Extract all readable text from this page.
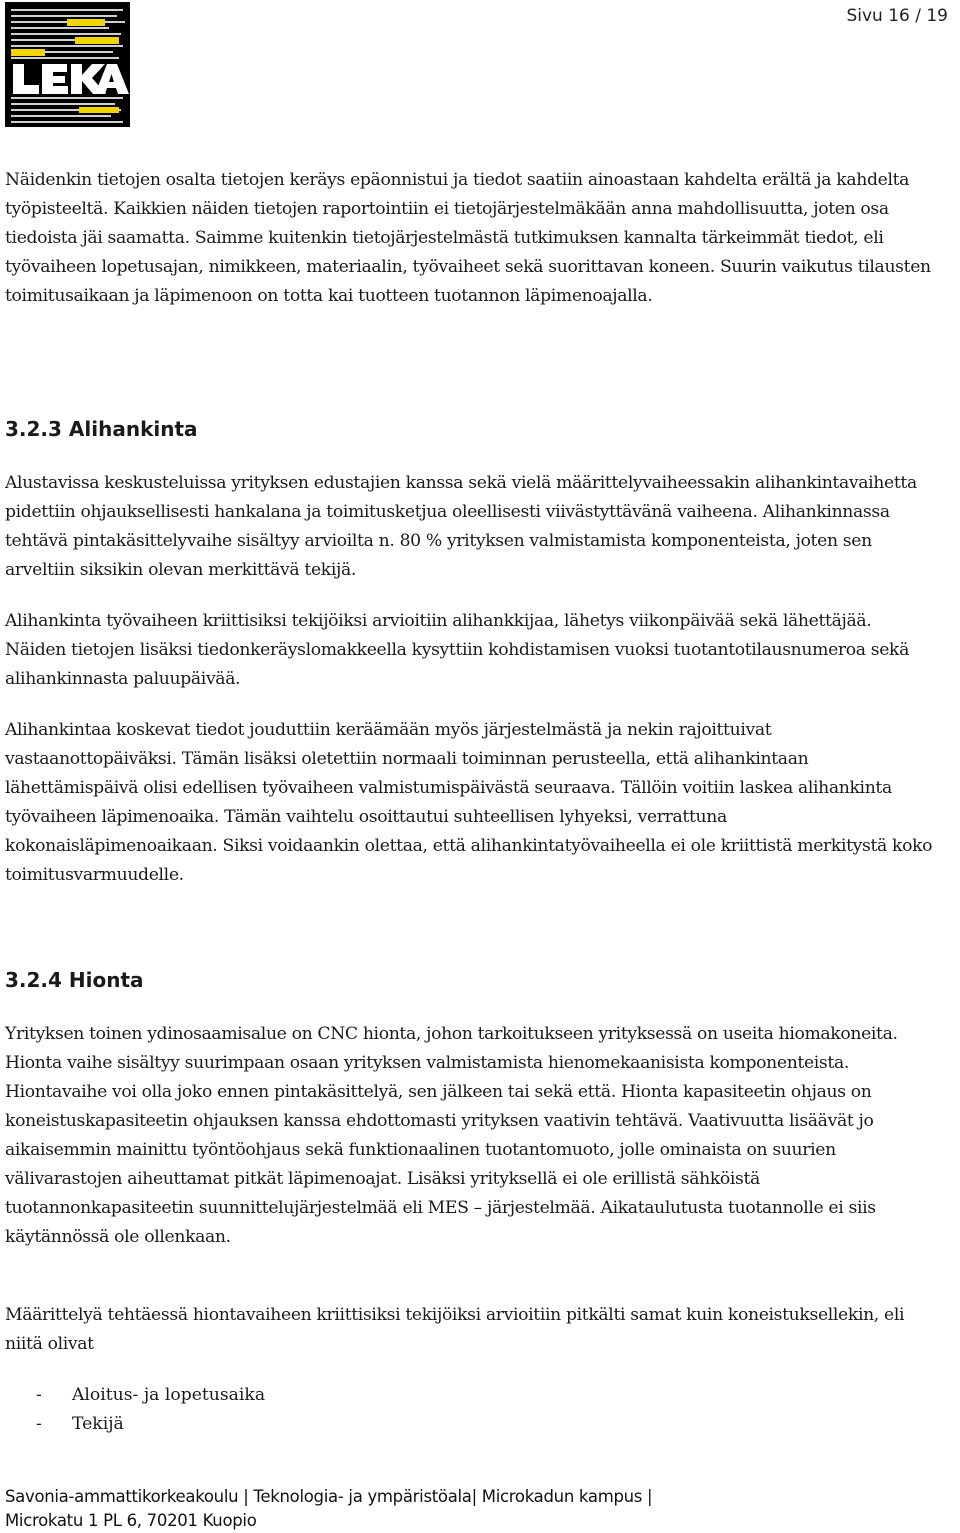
Sivu 16 / 19

Näidenkin tietojen osalta tietojen keräys epäonnistui ja tiedot saatiin ainoastaan kahdelta erältä ja kahdelta työpisteeltä. Kaikkien näiden tietojen raportointiin ei tietojärjestelmäkään anna mahdollisuutta, joten osa tiedoista jäi saamatta. Saimme kuitenkin tietojärjestelmästä tutkimuksen kannalta tärkeimmät tiedot, eli työvaiheen lopetusajan, nimikkeen, materiaalin, työvaiheet sekä suorittavan koneen. Suurin vaikutus tilausten toimitusaikaan ja läpimenoon on totta kai tuotteen tuotannon läpimenoajalla.

3.2.3 Alihankinta

Alustavissa keskusteluissa yrityksen edustajien kanssa sekä vielä määrittelyvaiheessakin alihankintavaihetta pidettiin ohjauksellisesti hankalana ja toimitusketjua oleellisesti viivästyttävänä vaiheena. Alihankinnassa tehtävä pintakäsittelyvaihe sisältyy arvioilta n. 80 % yrityksen valmistamista komponenteista, joten sen arveltiin siksikin olevan merkittävä tekijä.

Alihankinta työvaiheen kriittisiksi tekijöiksi arvioitiin alihankkijaa, lähetys viikonpäivää sekä lähettäjää. Näiden tietojen lisäksi tiedonkeräyslomakkeella kysyttiin kohdistamisen vuoksi tuotantotilausnumeroa sekä alihankinnasta paluupäivää.

Alihankintaa koskevat tiedot jouduttiin keräämään myös järjestelmästä ja nekin rajoittuivat vastaanottopäiväksi. Tämän lisäksi oletettiin normaali toiminnan perusteella, että alihankintaan lähettämispäivä olisi edellisen työvaiheen valmistumispäivästä seuraava. Tällöin voitiin laskea alihankinta työvaiheen läpimenoaika. Tämän vaihtelu osoittautui suhteellisen lyhyeksi, verrattuna kokonaisläpimenoaikaan. Siksi voidaankin olettaa, että alihankintatyövaiheella ei ole kriittistä merkitystä koko toimitusvarmuudelle.

3.2.4 Hionta

Yrityksen toinen ydinosaamisalue on CNC hionta, johon tarkoitukseen yrityksessä on useita hiomakoneita. Hionta vaihe sisältyy suurimpaan osaan yrityksen valmistamista hienomekaanisista komponenteista. Hiontavaihe voi olla joko ennen pintakäsittelyä, sen jälkeen tai sekä että. Hionta kapasiteetin ohjaus on koneistuskapasiteetin ohjauksen kanssa ehdottomasti yrityksen vaativin tehtävä. Vaativuutta lisäävät jo aikaisemmin mainittu työntöohjaus sekä funktionaalinen tuotantomuoto, jolle ominaista on suurien välivarastojen aiheuttamat pitkät läpimenoajat. Lisäksi yrityksellä ei ole erillistä sähköistä tuotannonkapasiteetin suunnittelujärjestelmää eli MES – järjestelmää. Aikataulutusta tuotannolle ei siis käytännössä ole ollenkaan.

Määrittelyä tehtäessä hiontavaiheen kriittisiksi tekijöiksi arvioitiin pitkälti samat kuin koneistuksellekin, eli niitä olivat

- Aloitus- ja lopetusaika
- Tekijä
Savonia-ammattikorkeakoulu | Teknologia- ja ympäristöala| Microkadun kampus |
Microkatu 1 PL 6, 70201 Kuopio
